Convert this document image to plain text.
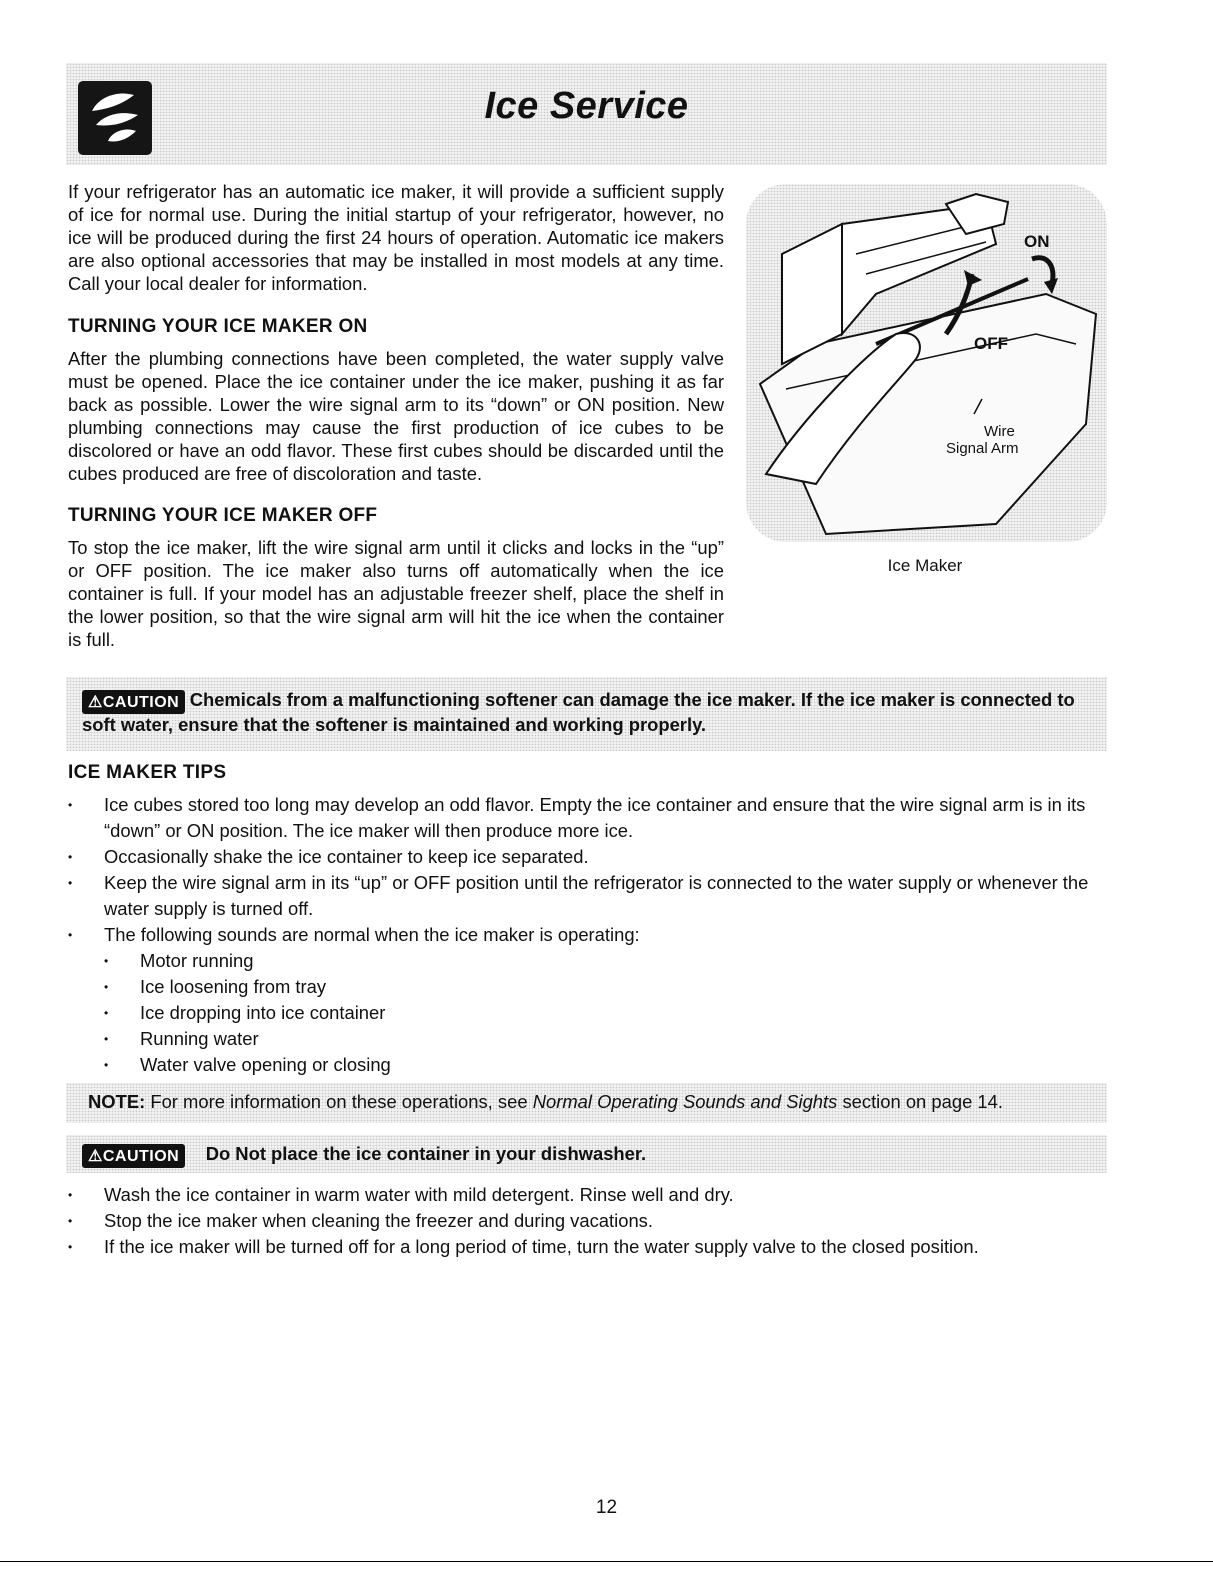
Ice Service

If your refrigerator has an automatic ice maker, it will provide a sufficient supply of ice for normal use. During the initial startup of your refrigerator, however, no ice will be produced during the first 24 hours of operation. Automatic ice makers are also optional accessories that may be installed in most models at any time. Call your local dealer for information.

TURNING YOUR ICE MAKER ON

After the plumbing connections have been completed, the water supply valve must be opened. Place the ice container under the ice maker, pushing it as far back as possible. Lower the wire signal arm to its “down” or ON position. New plumbing connections may cause the first production of ice cubes to be discolored or have an odd flavor. These first cubes should be discarded until the cubes produced are free of discoloration and taste.

TURNING YOUR ICE MAKER OFF

To stop the ice maker, lift the wire signal arm until it clicks and locks in the “up” or OFF position. The ice maker also turns off automatically when the ice container is full. If your model has an adjustable freezer shelf, place the shelf in the lower position, so that the wire signal arm will hit the ice when the container is full.

ON
OFF
Wire
Signal Arm
Ice Maker
⚠CAUTION Chemicals from a malfunctioning softener can damage the ice maker. If the ice maker is connected to soft water, ensure that the softener is maintained and working properly.
ICE MAKER TIPS
• Ice cubes stored too long may develop an odd flavor. Empty the ice container and ensure that the wire signal arm is in its “down” or ON position. The ice maker will then produce more ice.
• Occasionally shake the ice container to keep ice separated.
• Keep the wire signal arm in its “up” or OFF position until the refrigerator is connected to the water supply or whenever the water supply is turned off.
• The following sounds are normal when the ice maker is operating:
• Motor running
• Ice loosening from tray
• Ice dropping into ice container
• Running water
• Water valve opening or closing
NOTE: For more information on these operations, see Normal Operating Sounds and Sights section on page 14.
⚠CAUTION Do Not place the ice container in your dishwasher.
• Wash the ice container in warm water with mild detergent. Rinse well and dry.
• Stop the ice maker when cleaning the freezer and during vacations.
• If the ice maker will be turned off for a long period of time, turn the water supply valve to the closed position.
12
